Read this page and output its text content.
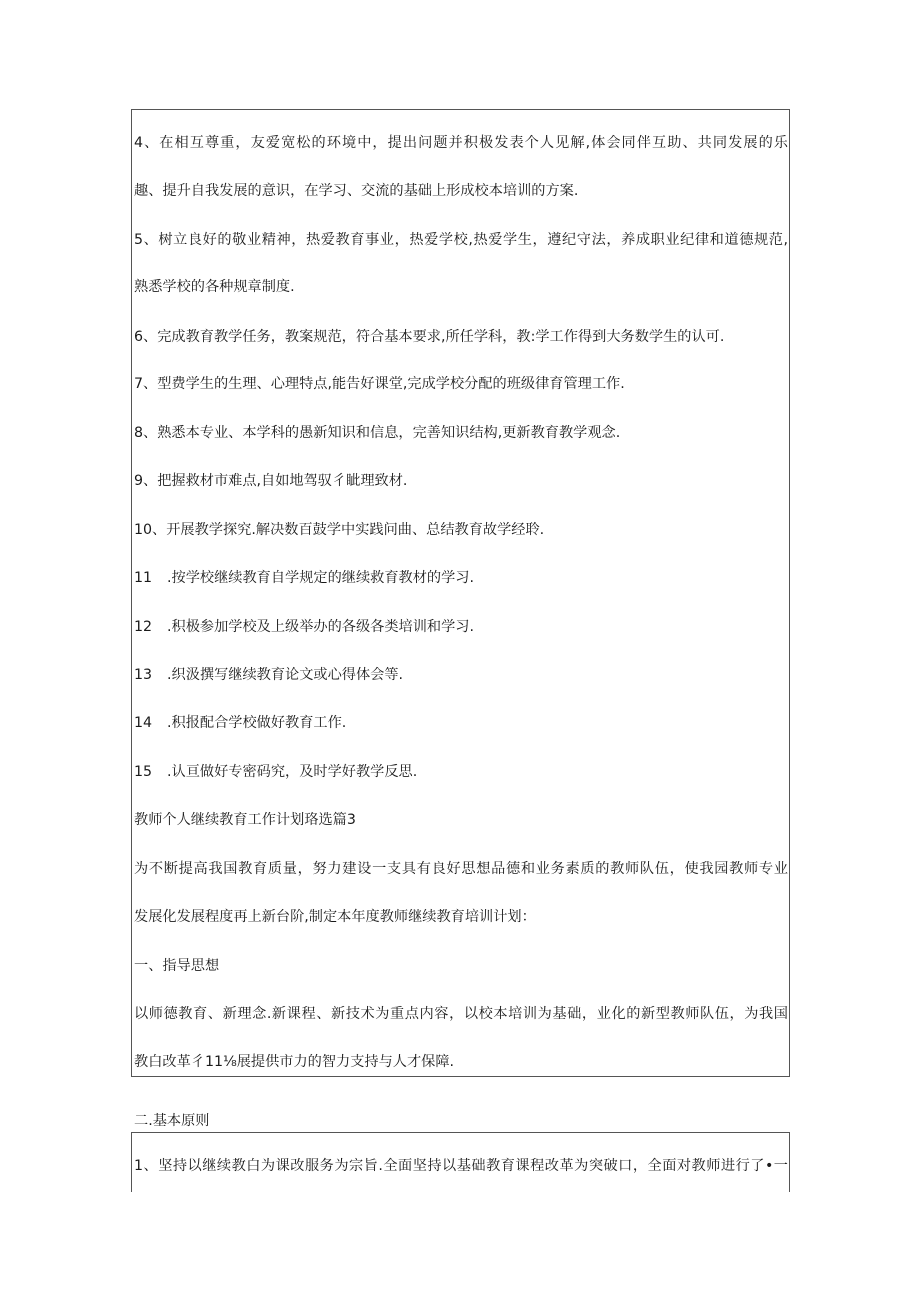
4、在相互尊重，友爱宽松的环境中，提出问题并积极发表个人见解,体会同伴互助、共同发展的乐
趣、提升自我发展的意识，在学习、交流的基础上形成校本培训的方案.
5、树立良好的敬业精神，热爱教育事业，热爱学校,热爱学生，遵纪守法，养成职业纪律和道德规范,
熟悉学校的各种规章制度.
6、完成教育教学任务，教案规范，符合基本要求,所任学科，教:学工作得到大务数学生的认可.
7、型费学生的生理、心理特点,能告好课堂,完成学校分配的班级律育管理工作.
8、熟悉本专业、本学科的愚新知识和信息，完善知识结构,更新教育教学观念.
9、把握救材市难点,自如地驾驭彳眦理致材.
10、开展教学探究.解决数百鼓学中实践问曲、总结教育故学经聆.
11 .按学校继续教育自学规定的继续救育教材的学习.
12 .积极参加学校及上级举办的各级各类培训和学习.
13 .织汲撰写继续教育论文或心得体会等.
14 .积报配合学校做好教育工作.
15 .认亘做好专密码究，及时学好教学反思.
教师个人继续教育工作计划珞选篇3
为不断提高我国教育质量，努力建设一支具有良好思想品德和业务素质的教师队伍，使我园教师专业
发展化发展程度再上新台阶,制定本年度教师继续教育培训计划：
一、指导思想
以师德教育、新理念.新课程、新技术为重点内容，以校本培训为基础，业化的新型教师队伍，为我国
教白改革彳11⅛展提供市力的智力支持与人才保障.
二.基本原则
1、坚持以继续教白为课改服务为宗旨.全面坚持以基础教育课程改革为突破口，全面对教师进行了•一
